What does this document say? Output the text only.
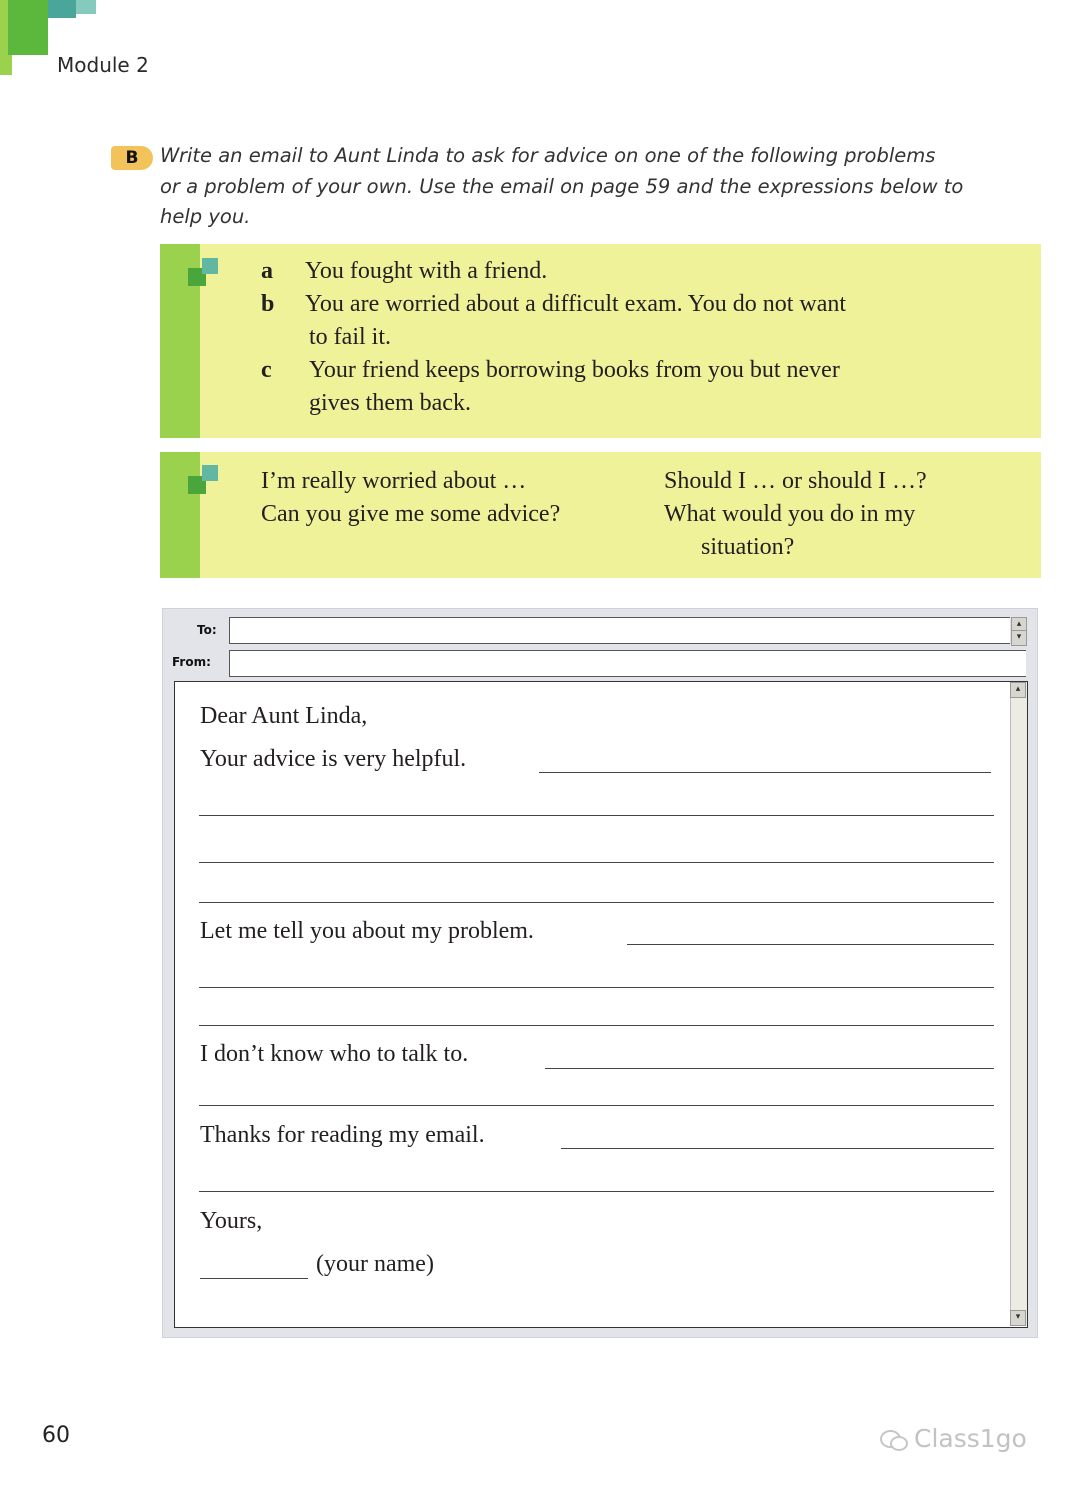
Module 2
B	Write an email to Aunt Linda to ask for advice on one of the following problems
or a problem of your own. Use the email on page 59 and the expressions below to
help you.
a You fought with a friend.
b You are worried about a difficult exam. You do not want
to fail it.
c Your friend keeps borrowing books from you but never
gives them back.
I’m really worried about …
Can you give me some advice?
Should I … or should I …?
What would you do in my
situation?
To:	▴
▾
From:
▴
▾
Dear Aunt Linda,
Your advice is very helpful.
Let me tell you about my problem.
I don’t know who to talk to.
Thanks for reading my email.
Yours,
(your name)
60	Class1go
